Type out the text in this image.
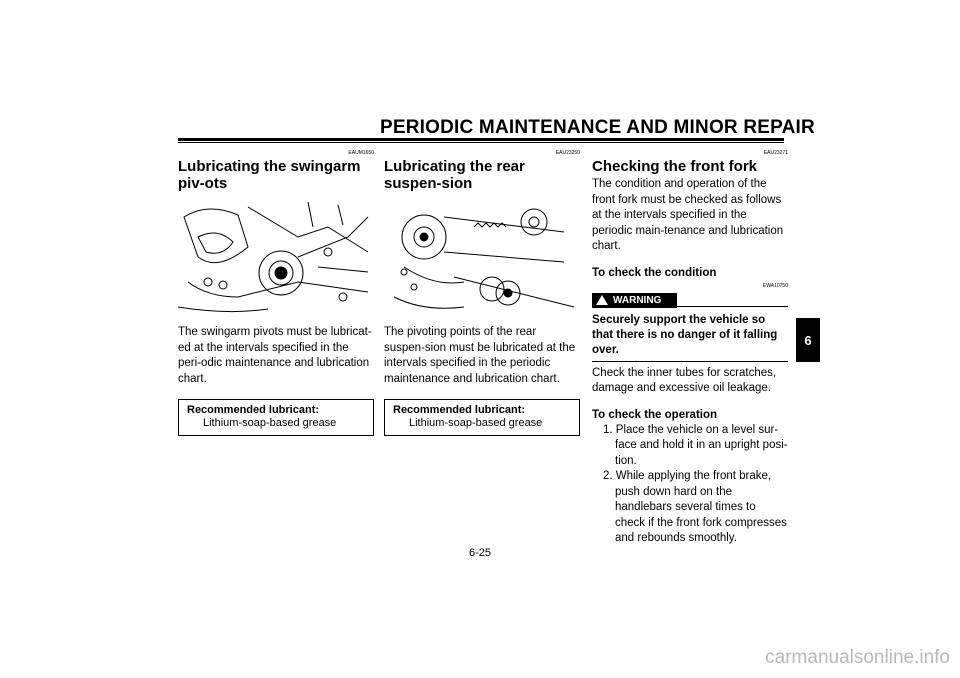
PERIODIC MAINTENANCE AND MINOR REPAIR
EAUM1650
Lubricating the swingarm piv-ots
The swingarm pivots must be lubricat-ed at the intervals specified in the peri-odic maintenance and lubrication chart.
Recommended lubricant:
Lithium-soap-based grease
EAU23250
Lubricating the rear suspen-sion
The pivoting points of the rear suspen-sion must be lubricated at the intervals specified in the periodic maintenance and lubrication chart.
Recommended lubricant:
Lithium-soap-based grease
EAU23271
Checking the front fork
The condition and operation of the front fork must be checked as follows at the intervals specified in the periodic main-tenance and lubrication chart.
To check the condition
EWA10750
WARNING
Securely support the vehicle so that there is no danger of it falling over.
Check the inner tubes for scratches, damage and excessive oil leakage.
To check the operation
1. Place the vehicle on a level sur-face and hold it in an upright posi-tion.
2. While applying the front brake, push down hard on the handlebars several times to check if the front fork compresses and rebounds smoothly.
6
6-25
carmanualsonline.info
